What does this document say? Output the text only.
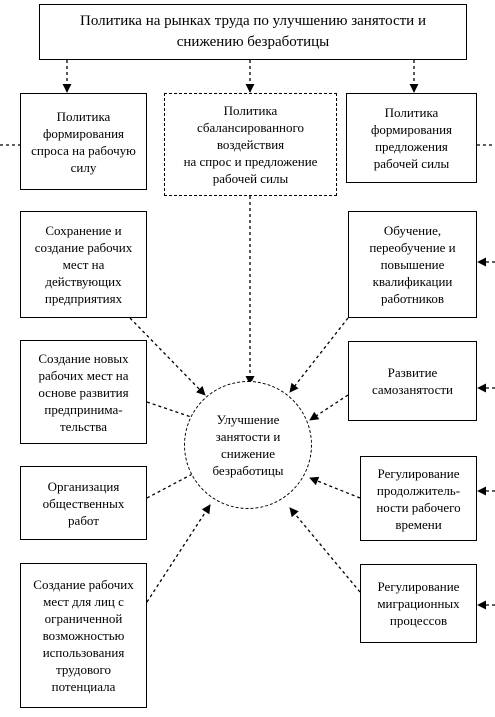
Политика на рынках труда по улучшению занятости и
снижению безработицы
Политика
формирования
спроса на рабочую
силу
Политика
сбалансированного
воздействия
на спрос и предложение
рабочей силы
Политика
формирования
предложения
рабочей силы
Сохранение и
создание рабочих
мест на
действующих
предприятиях
Создание новых
рабочих мест на
основе развития
предпринима-
тельства
Организация
общественных
работ
Создание рабочих
мест для лиц с
ограниченной
возможностью
использования
трудового
потенциала
Обучение,
переобучение и
повышение
квалификации
работников
Развитие
самозанятости
Регулирование
продолжитель-
ности рабочего
времени
Регулирование
миграционных
процессов
Улучшение
занятости и
снижение
безработицы
